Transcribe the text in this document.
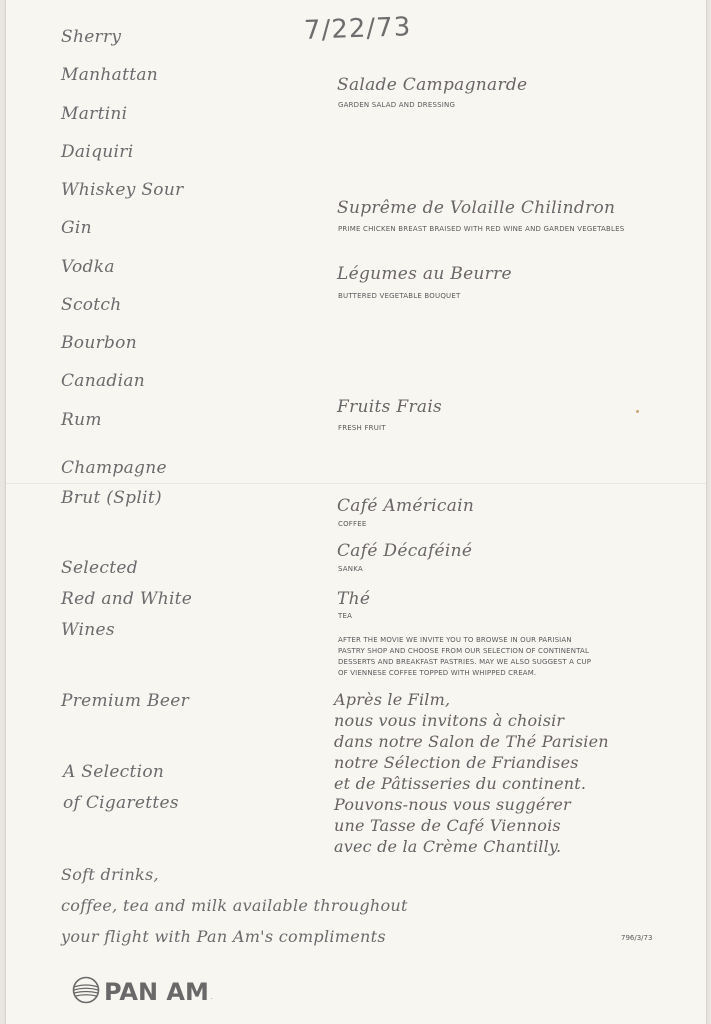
7/22/73
Sherry
Manhattan
Martini
Daiquiri
Whiskey Sour
Gin
Vodka
Scotch
Bourbon
Canadian
Rum
Champagne
Brut (Split)
Selected
Red and White
Wines
Premium Beer
A Selection
of Cigarettes
Salade Campagnarde
GARDEN SALAD AND DRESSING
Suprême de Volaille Chilindron
PRIME CHICKEN BREAST BRAISED WITH RED WINE AND GARDEN VEGETABLES
Légumes au Beurre
BUTTERED VEGETABLE BOUQUET
Fruits Frais
FRESH FRUIT
Café Américain
COFFEE
Café Décaféiné
SANKA
Thé
TEA
AFTER THE MOVIE WE INVITE YOU TO BROWSE IN OUR PARISIAN
PASTRY SHOP AND CHOOSE FROM OUR SELECTION OF CONTINENTAL
DESSERTS AND BREAKFAST PASTRIES. MAY WE ALSO SUGGEST A CUP
OF VIENNESE COFFEE TOPPED WITH WHIPPED CREAM.
Après le Film,
nous vous invitons à choisir
dans notre Salon de Thé Parisien
notre Sélection de Friandises
et de Pâtisseries du continent.
Pouvons-nous vous suggérer
une Tasse de Café Viennois
avec de la Crème Chantilly.
Soft drinks,
coffee, tea and milk available throughout
your flight with Pan Am's compliments	796/3/73
PAN AM .
